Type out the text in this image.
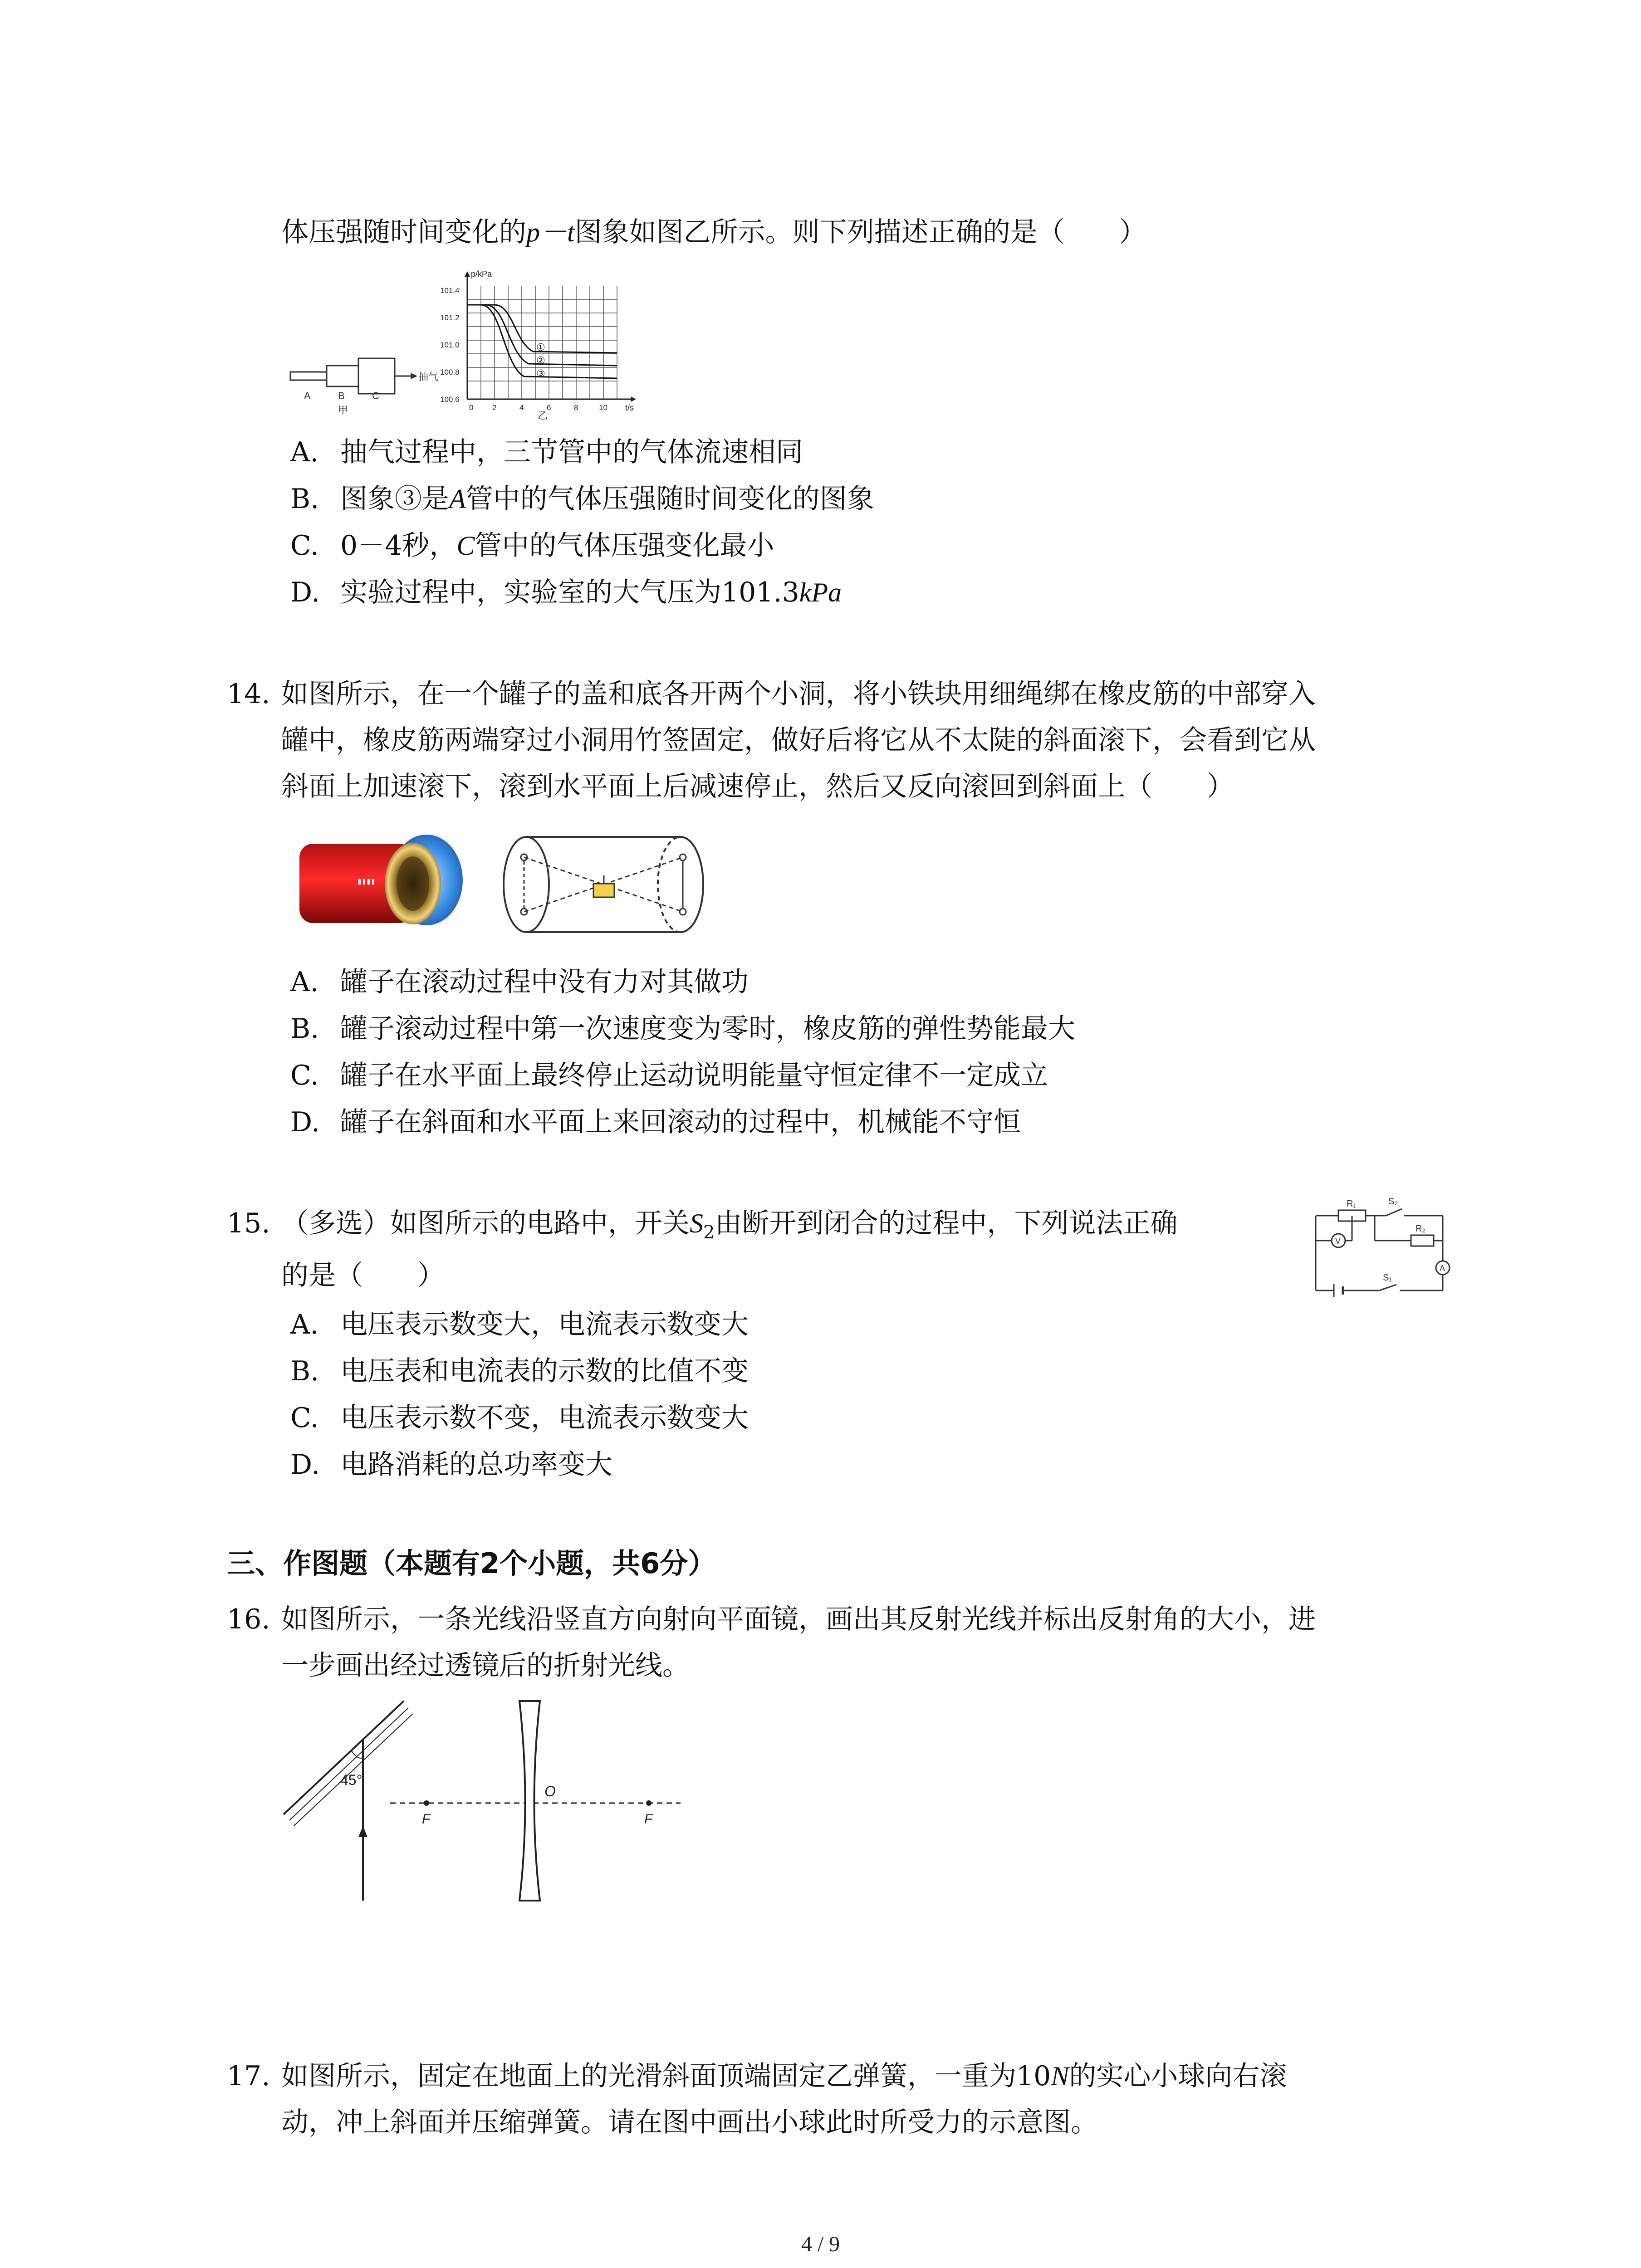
体压强随时间变化的p－t图象如图乙所示。则下列描述正确的是（　　）
抽气
A	B	C
甲
p/kPa
t/s
101.4
101.2
101.0
100.8
100.6
0 2	4	6	8	10
①
②
③
乙
A. 抽气过程中，三节管中的气体流速相同
B. 图象③是A管中的气体压强随时间变化的图象
C. 0－4秒，C管中的气体压强变化最小
D. 实验过程中，实验室的大气压为101.3kPa
14. 如图所示，在一个罐子的盖和底各开两个小洞，将小铁块用细绳绑在橡皮筋的中部穿入
罐中，橡皮筋两端穿过小洞用竹签固定，做好后将它从不太陡的斜面滚下，会看到它从
斜面上加速滚下，滚到水平面上后减速停止，然后又反向滚回到斜面上（　　）
A. 罐子在滚动过程中没有力对其做功
B. 罐子滚动过程中第一次速度变为零时，橡皮筋的弹性势能最大
C. 罐子在水平面上最终停止运动说明能量守恒定律不一定成立
D. 罐子在斜面和水平面上来回滚动的过程中，机械能不守恒
15. （多选）如图所示的电路中，开关$S_2$由断开到闭合的过程中，下列说法正确
的是（　　）
V
A
R₁	S₂
R₂
S₁
A. 电压表示数变大，电流表示数变大
B. 电压表和电流表的示数的比值不变
C. 电压表示数不变，电流表示数变大
D. 电路消耗的总功率变大
三、作图题（本题有2个小题，共6分）
16. 如图所示，一条光线沿竖直方向射向平面镜，画出其反射光线并标出反射角的大小，进
一步画出经过透镜后的折射光线。
45°
F	F
O
17. 如图所示，固定在地面上的光滑斜面顶端固定乙弹簧，一重为10N的实心小球向右滚
动，冲上斜面并压缩弹簧。请在图中画出小球此时所受力的示意图。
4 / 9
